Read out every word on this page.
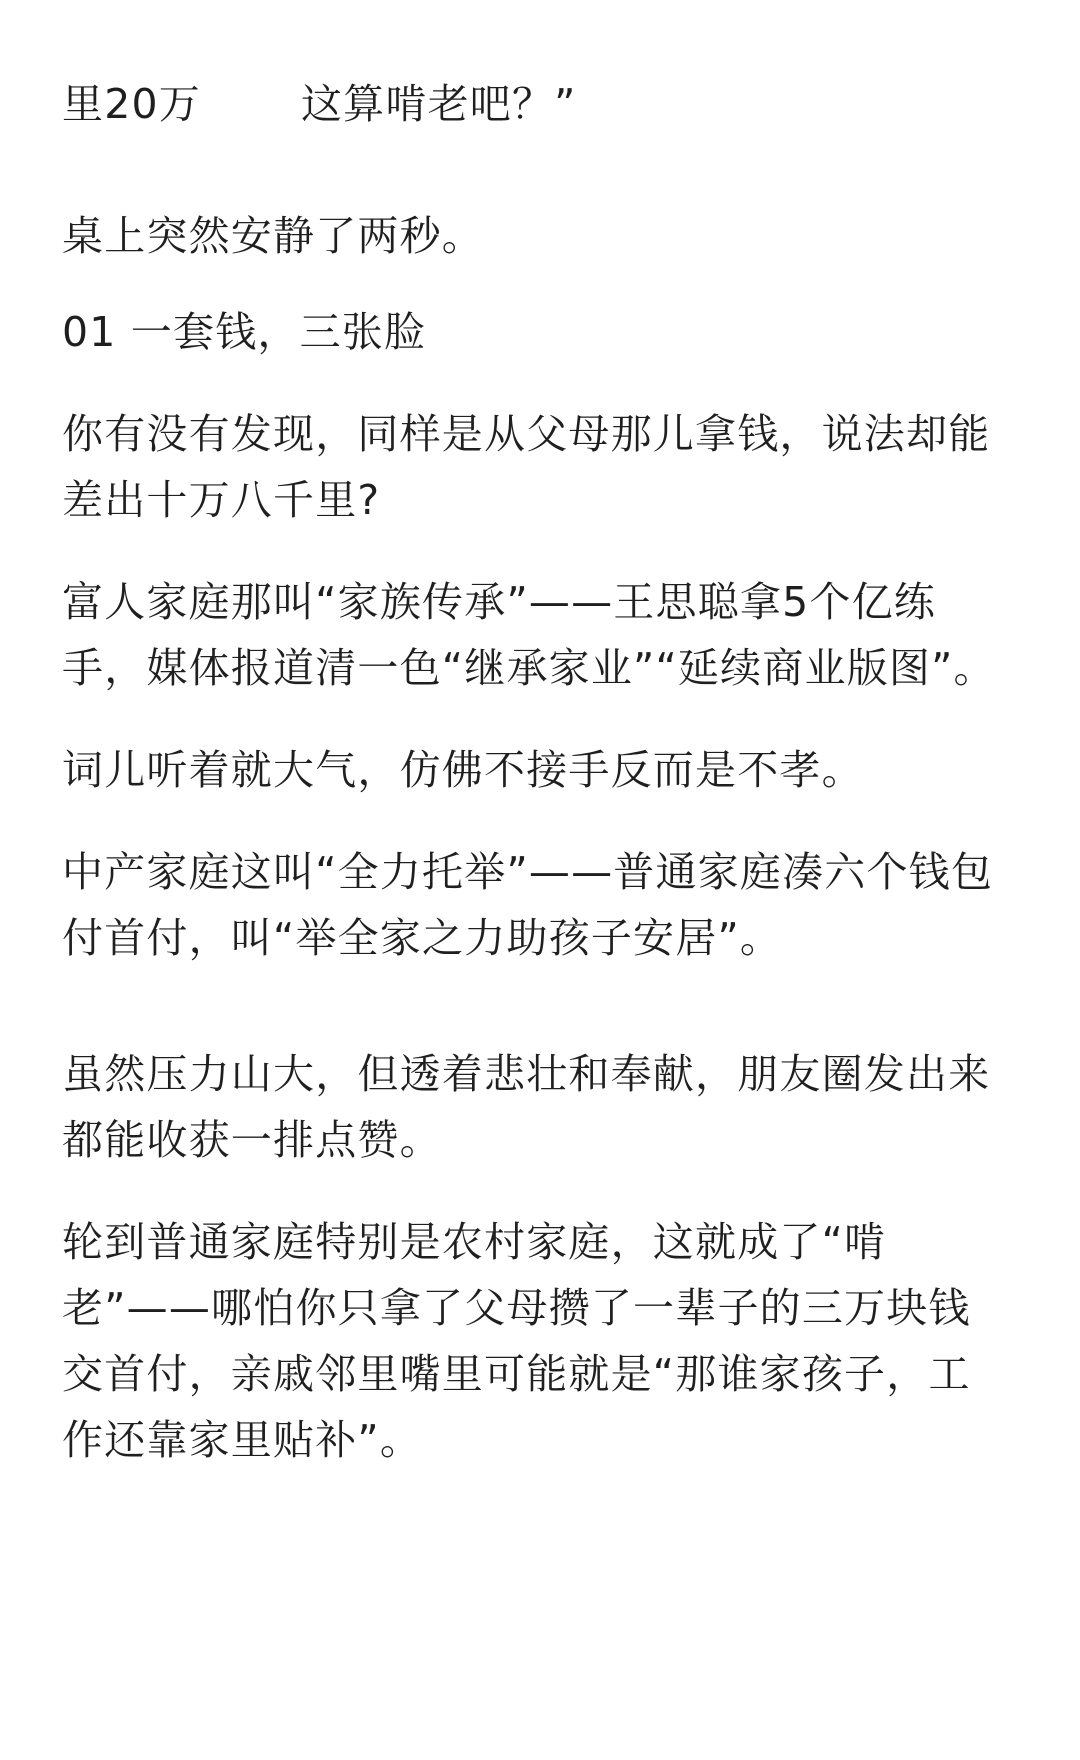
里20万 这算啃老吧？”

桌上突然安静了两秒。

01 一套钱，三张脸

你有没有发现，同样是从父母那儿拿钱，说法却能

差出十万八千里?

富人家庭那叫“家族传承”——王思聪拿5个亿练

手，媒体报道清一色“继承家业”“延续商业版图”。

词儿听着就大气，仿佛不接手反而是不孝。

中产家庭这叫“全力托举”——普通家庭凑六个钱包

付首付，叫“举全家之力助孩子安居”。

虽然压力山大，但透着悲壮和奉献，朋友圈发出来

都能收获一排点赞。

轮到普通家庭特别是农村家庭，这就成了“啃

老”——哪怕你只拿了父母攒了一辈子的三万块钱

交首付，亲戚邻里嘴里可能就是“那谁家孩子，工

作还靠家里贴补”。
